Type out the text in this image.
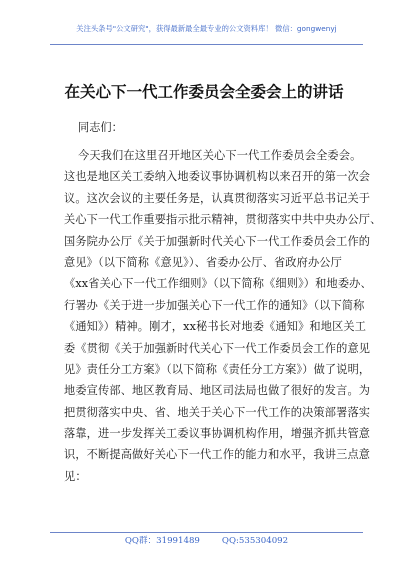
关注头条号"公文研究"，获得最新最全最专业的公文资料库！ 微信：gongwenyj
在关心下一代工作委员会全委会上的讲话
同志们：
今天我们在这里召开地区关心下一代工作委员会全委会。
这也是地区关工委纳入地委议事协调机构以来召开的第一次会
议。这次会议的主要任务是，认真贯彻落实习近平总书记关于
关心下一代工作重要指示批示精神，贯彻落实中共中央办公厅、
国务院办公厅《关于加强新时代关心下一代工作委员会工作的
意见》（以下简称《意见》）、省委办公厅、省政府办公厅
《xx省关心下一代工作细则》（以下简称《细则》）和地委办、
行署办《关于进一步加强关心下一代工作的通知》（以下简称
《通知》）精神。刚才，xx秘书长对地委《通知》和地区关工
委《贯彻《关于加强新时代关心下一代工作委员会工作的意见
见》责任分工方案》（以下简称《责任分工方案》）做了说明，
地委宣传部、地区教育局、地区司法局也做了很好的发言。为
把贯彻落实中央、省、地关于关心下一代工作的决策部署落实
落靠，进一步发挥关工委议事协调机构作用，增强齐抓共管意
识，不断提高做好关心下一代工作的能力和水平，我讲三点意
见：
QQ群：31991489	QQ:535304092
